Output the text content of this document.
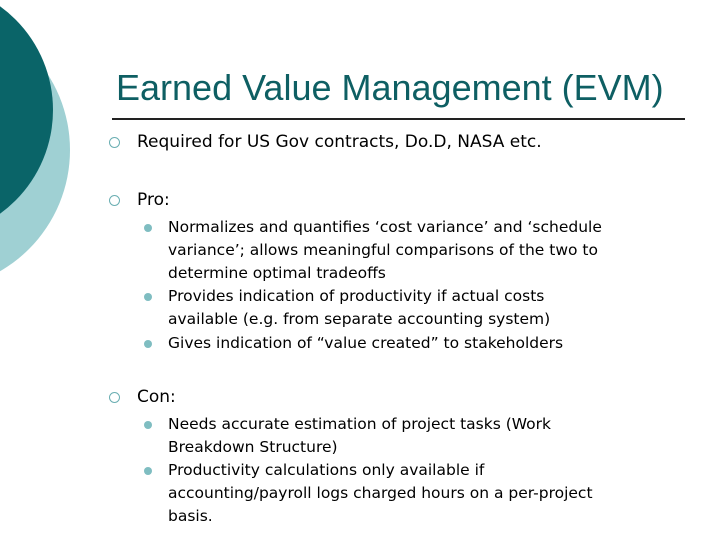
Earned Value Management (EVM)
Required for US Gov contracts, Do.D, NASA etc.
Pro:
Normalizes and quantifies ‘cost variance’ and ‘schedule
variance’; allows meaningful comparisons of the two to
determine optimal tradeoffs
Provides indication of productivity if actual costs
available (e.g. from separate accounting system)
Gives indication of “value created” to stakeholders
Con:
Needs accurate estimation of project tasks (Work
Breakdown Structure)
Productivity calculations only available if
accounting/payroll logs charged hours on a per-project
basis.
